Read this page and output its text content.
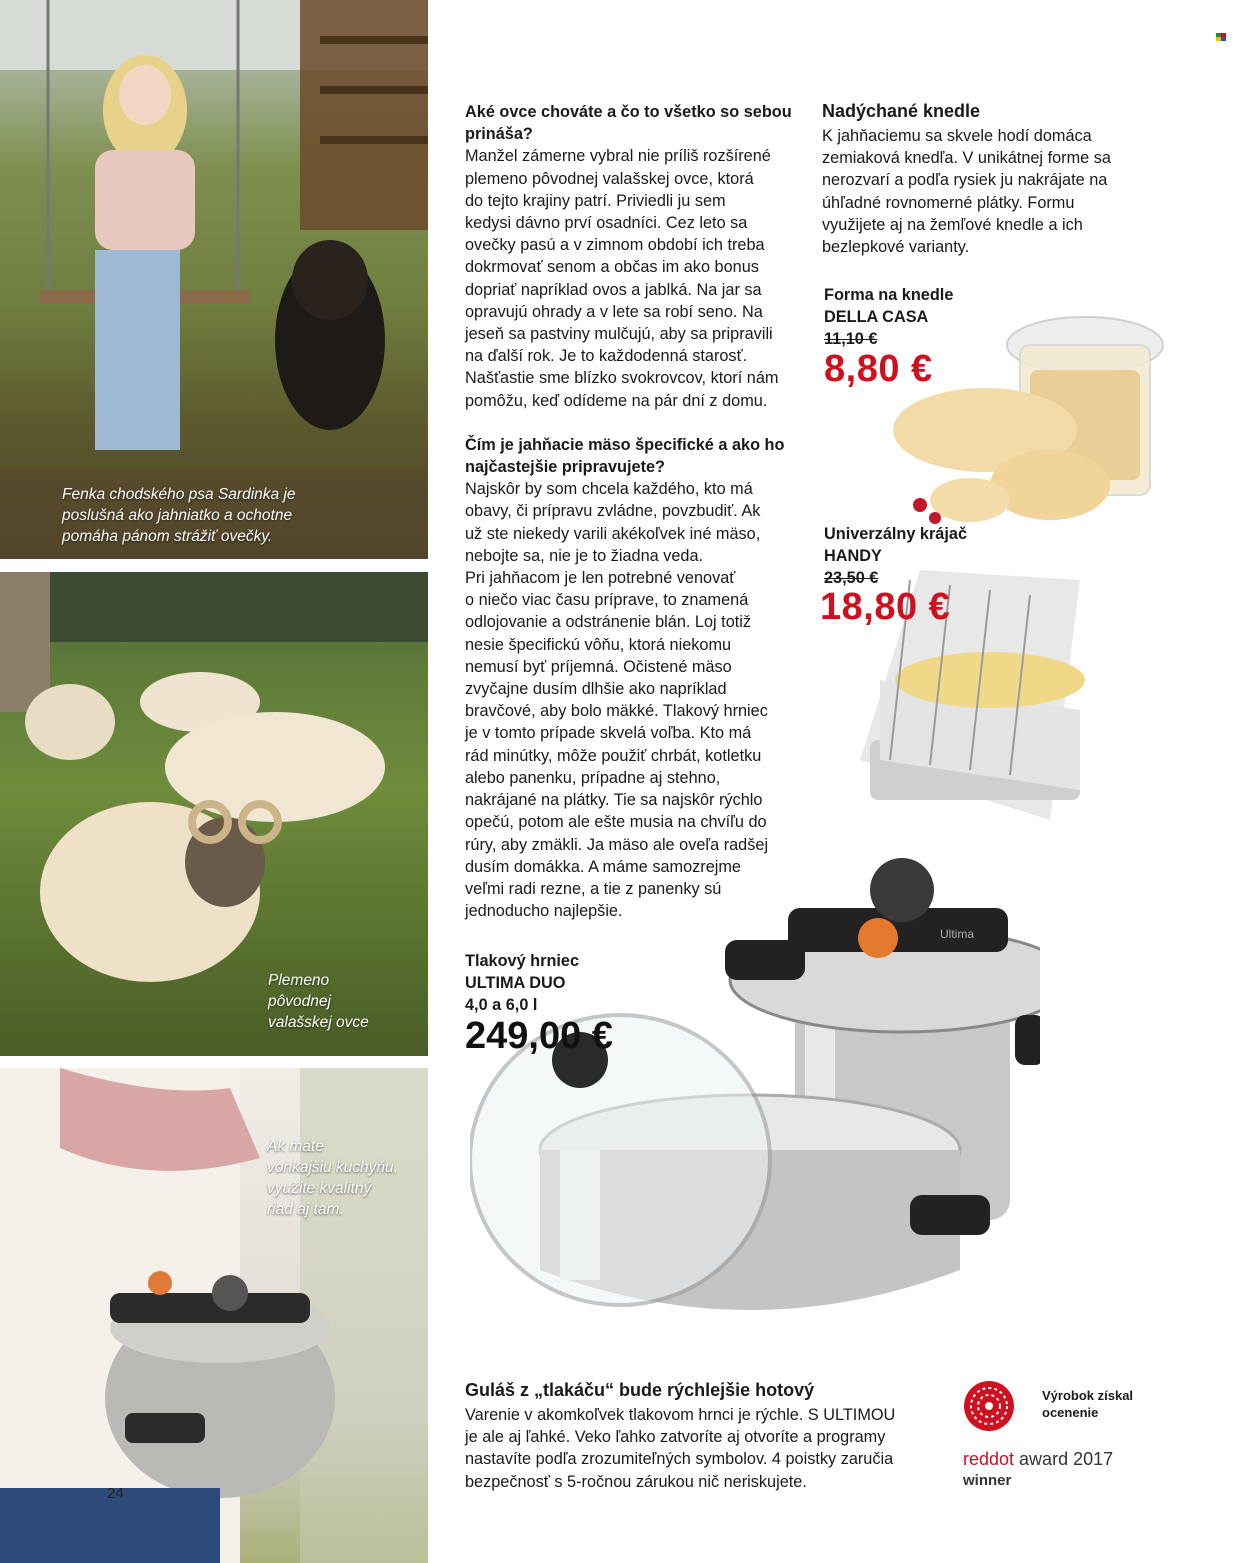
Fenka chodského psa Sardinka je
poslušná ako jahniatko a ochotne
pomáha pánom strážiť ovečky.
Plemeno
pôvodnej
valašskej ovce
Ak máte
vonkajšiu kuchyňu,
využite kvalitný
riad aj tam.
Aké ovce chováte a čo to všetko so sebou
prináša?

Manžel zámerne vybral nie príliš rozšírené

plemeno pôvodnej valašskej ovce, ktorá

do tejto krajiny patrí. Priviedli ju sem

kedysi dávno prví osadníci. Cez leto sa

ovečky pasú a v zimnom období ich treba

dokrmovať senom a občas im ako bonus

dopriať napríklad ovos a jablká. Na jar sa

opravujú ohrady a v lete sa robí seno. Na

jeseň sa pastviny mulčujú, aby sa pripravili

na ďalší rok. Je to každodenná starosť.

Našťastie sme blízko svokrovcov, ktorí nám

pomôžu, keď odídeme na pár dní z domu.

Čím je jahňacie mäso špecifické a ako ho
najčastejšie pripravujete?

Najskôr by som chcela každého, kto má

obavy, či prípravu zvládne, povzbudiť. Ak

už ste niekedy varili akékoľvek iné mäso,

nebojte sa, nie je to žiadna veda.

Pri jahňacom je len potrebné venovať

o niečo viac času príprave, to znamená

odlojovanie a odstránenie blán. Loj totiž

nesie špecifickú vôňu, ktorá niekomu

nemusí byť príjemná. Očistené mäso

zvyčajne dusím dlhšie ako napríklad

bravčové, aby bolo mäkké. Tlakový hrniec

je v tomto prípade skvelá voľba. Kto má

rád minútky, môže použiť chrbát, kotletku

alebo panenku, prípadne aj stehno,

nakrájané na plátky. Tie sa najskôr rýchlo

opečú, potom ale ešte musia na chvíľu do

rúry, aby zmäkli. Ja mäso ale oveľa radšej

dusím domákka. A máme samozrejme

veľmi radi rezne, a tie z panenky sú

jednoducho najlepšie.

Nadýchané knedle
K jahňaciemu sa skvele hodí domáca
zemiaková knedľa. V unikátnej forme sa
nerozvarí a podľa rysiek ju nakrájate na
úhľadné rovnomerné plátky. Formu
využijete aj na žemľové knedle a ich
bezlepkové varianty.
Forma na knedle
DELLA CASA
11,10 €
8,80 €
Univerzálny krájač
HANDY
23,50 €
18,80 €
Ultima
Tlakový hrniec
ULTIMA DUO
4,0 a 6,0 l
249,00 €
Guláš z „tlakáču“ bude rýchlejšie hotový
Varenie v akomkoľvek tlakovom hrnci je rýchle. S ULTIMOU
je ale aj ľahké. Veko ľahko zatvoríte aj otvoríte a programy
nastavíte podľa zrozumiteľných symbolov. 4 poistky zaručia
bezpečnosť s 5-ročnou zárukou nič neriskujete.
Výrobok získal
ocenenie
reddot award 2017
winner
24
